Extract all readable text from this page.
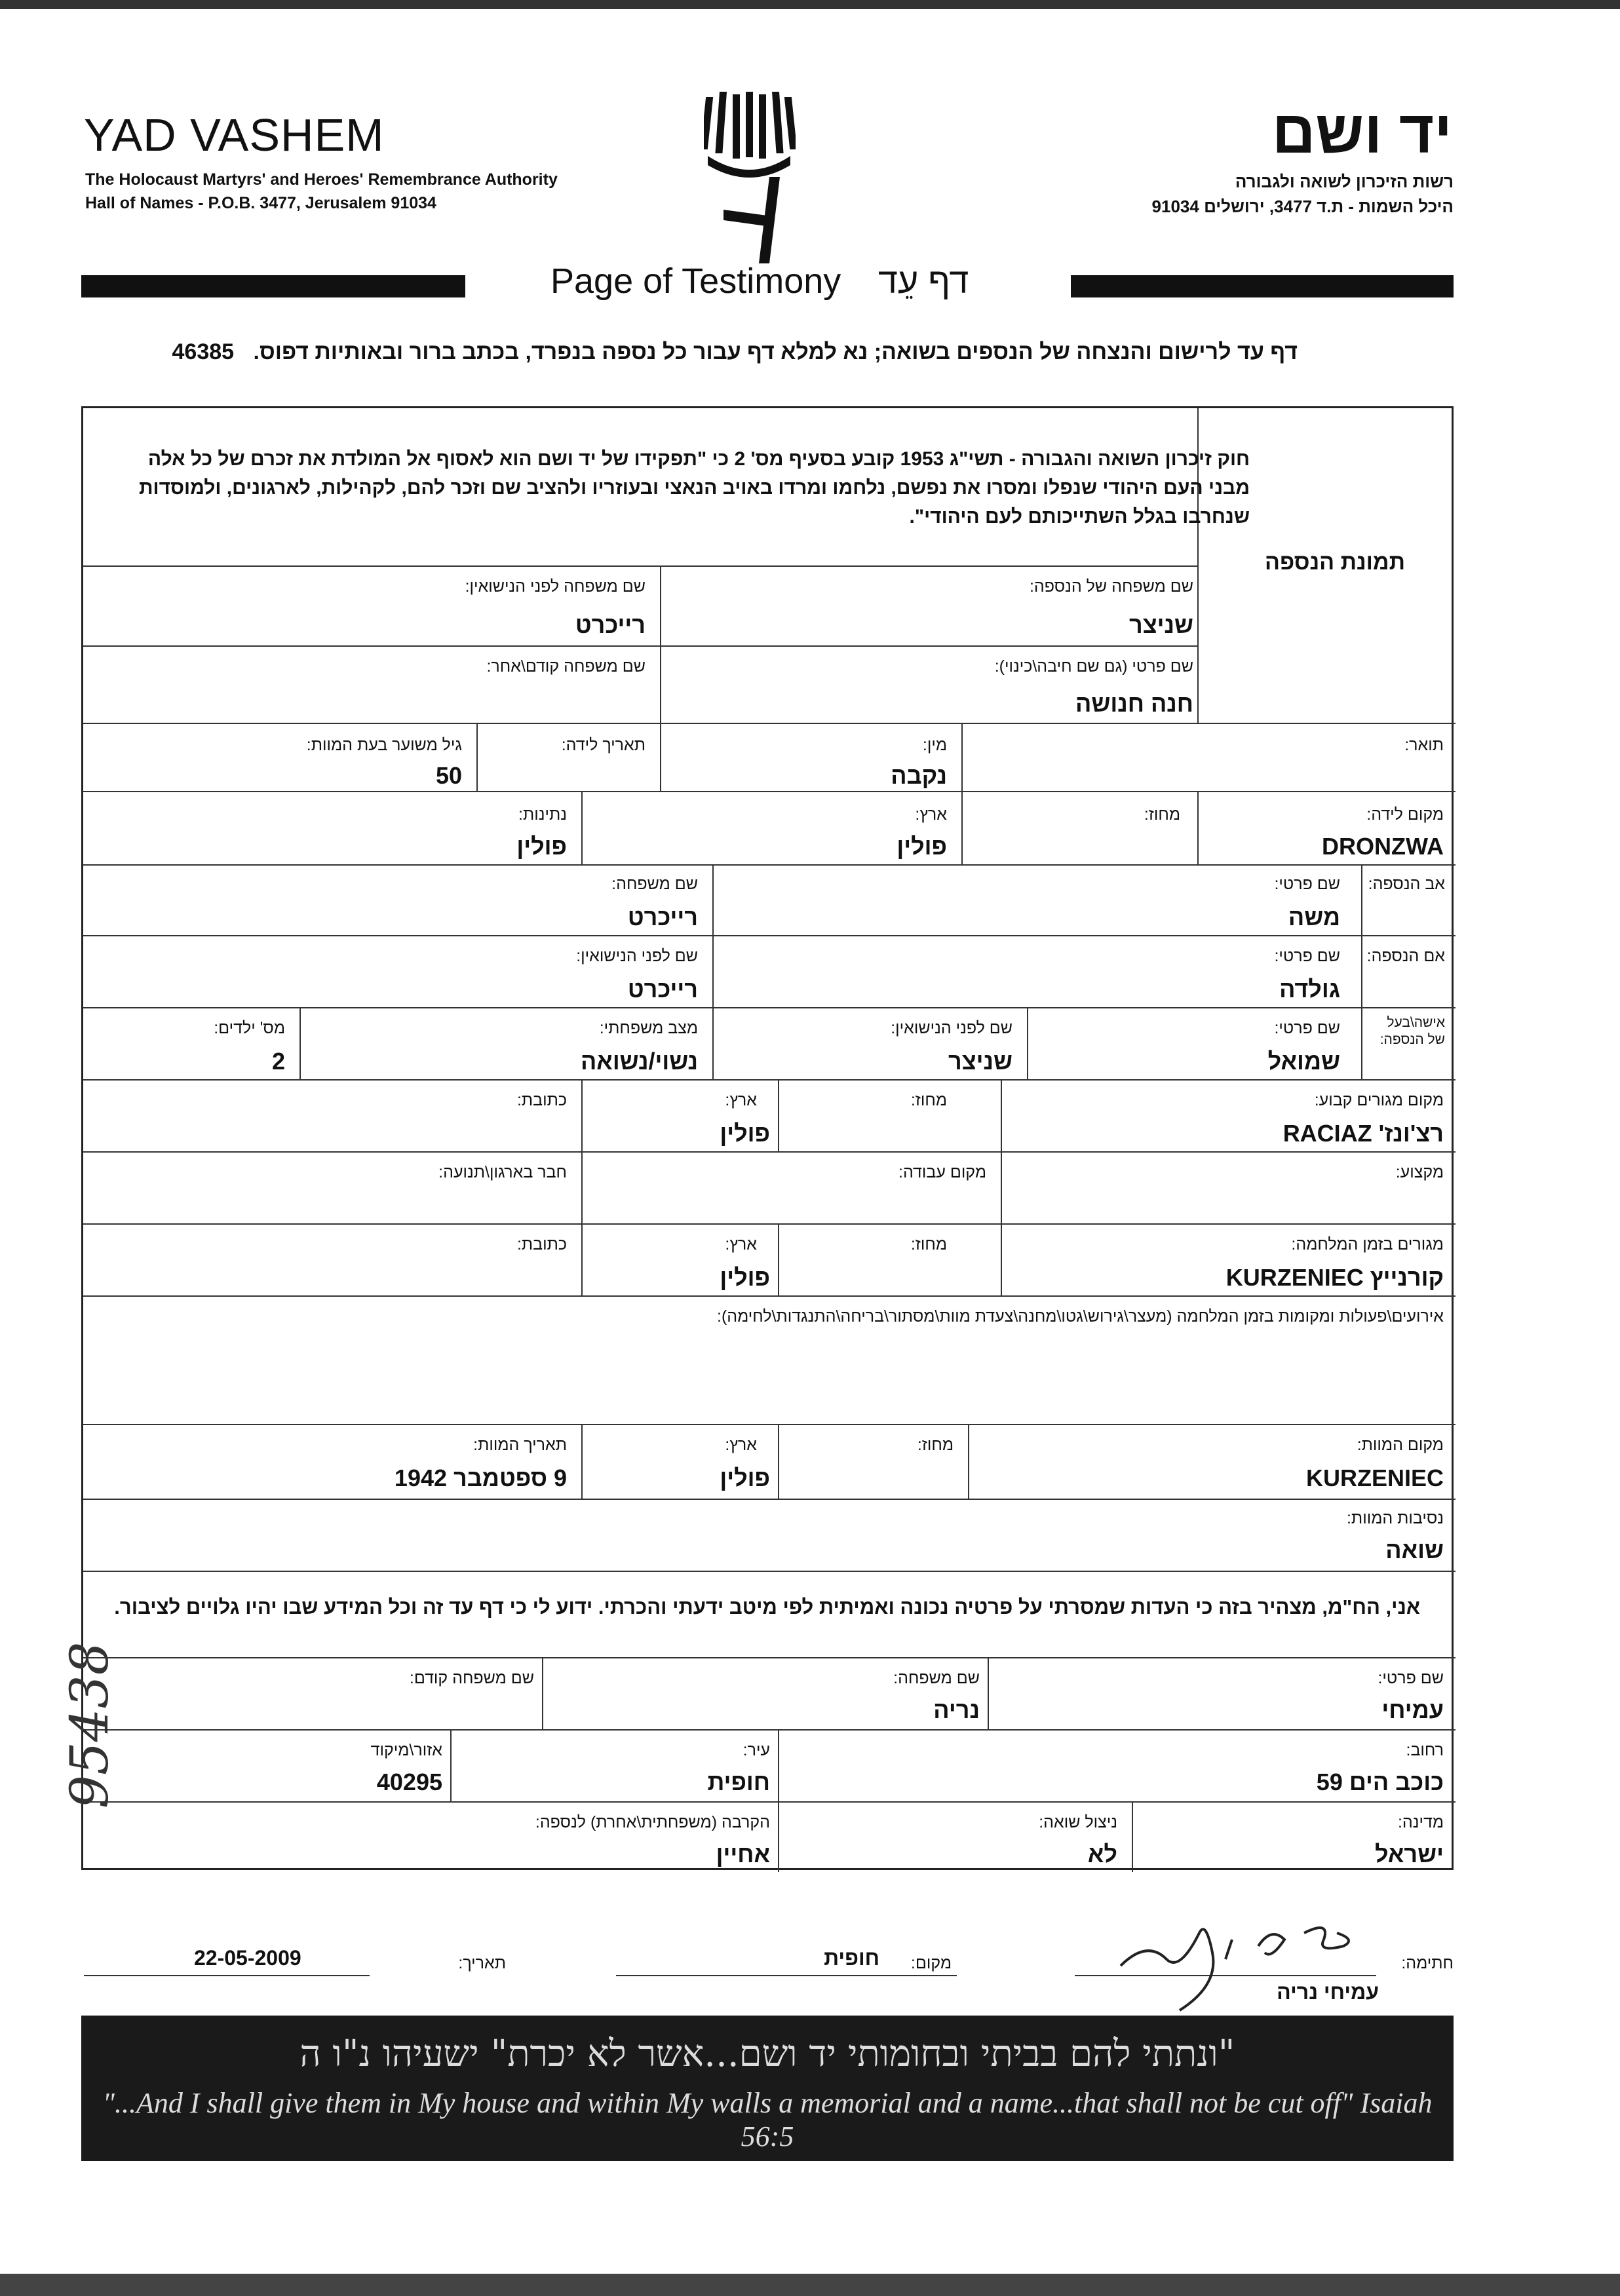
YAD VASHEM
The Holocaust Martyrs' and Heroes' Remembrance Authority
Hall of Names - P.O.B. 3477, Jerusalem 91034
יד ושם
רשות הזיכרון לשואה ולגבורה
היכל השמות - ת.ד 3477, ירושלים 91034
Page of Testimony דף עֵד
דף עד לרישום והנצחה של הנספים בשואה; נא למלא דף עבור כל נספה בנפרד, בכתב ברור ובאותיות דפוס. 46385
תמונת הנספה
חוק זיכרון השואה והגבורה - תשי"ג 1953 קובע בסעיף מס' 2 כי "תפקידו של יד ושם הוא לאסוף אל המולדת את זכרם של כל אלה מבני העם היהודי שנפלו ומסרו את נפשם, נלחמו ומרדו באויב הנאצי ובעוזריו ולהציב שם וזכר להם, לקהילות, לארגונים, ולמוסדות שנחרבו בגלל השתייכותם לעם היהודי".
שם משפחה של הנספה:
שניצר
שם משפחה לפני הנישואין:
רייכרט
שם פרטי (גם שם חיבה\כינוי):
חנה חנושה
שם משפחה קודם\אחר:
תואר:
מין:
נקבה
תאריך לידה:
גיל משוער בעת המוות:
50
מקום לידה:
DRONZWA
מחוז:
ארץ:
פולין
נתינות:
פולין
אב הנספה:
שם פרטי:
משה
שם משפחה:
רייכרט
אם הנספה:
שם פרטי:
גולדה
שם לפני הנישואין:
רייכרט
אישה\בעל
של הנספה:
שם פרטי:
שמואל
שם לפני הנישואין:
שניצר
מצב משפחתי:
נשוי/נשואה
מס' ילדים:
2
מקום מגורים קבוע:
רצ'ונז' RACIAZ
מחוז:
ארץ:
פולין
כתובת:
מקצוע:
מקום עבודה:
חבר בארגון\תנועה:
מגורים בזמן המלחמה:
קורנייץ KURZENIEC
מחוז:
ארץ:
פולין
כתובת:
אירועים\פעולות ומקומות בזמן המלחמה (מעצר\גירוש\גטו\מחנה\צעדת מוות\מסתור\בריחה\התנגדות\לחימה):
מקום המוות:
KURZENIEC
מחוז:
ארץ:
פולין
תאריך המוות:
9 ספטמבר 1942
נסיבות המוות:
שואה
אני, הח"מ, מצהיר בזה כי העדות שמסרתי על פרטיה נכונה ואמיתית לפי מיטב ידעתי והכרתי. ידוע לי כי דף עד זה וכל המידע שבו יהיו גלויים לציבור.
שם פרטי:
עמיחי
שם משפחה:
נריה
שם משפחה קודם:
רחוב:
כוכב הים 59
עיר:
חופית
אזור\מיקוד
40295
מדינה:
ישראל
ניצול שואה:
לא
הקרבה (משפחתית\אחרת) לנספה:
אחיין
חתימה:
עמיחי נריה
מקום:
חופית
תאריך:
22-05-2009
"ונתתי להם בביתי ובחומותי יד ושם...אשר לא יכרת" ישעיהו נ"ו ה
"...And I shall give them in My house and within My walls a memorial and a name...that shall not be cut off" Isaiah 56:5
95438
